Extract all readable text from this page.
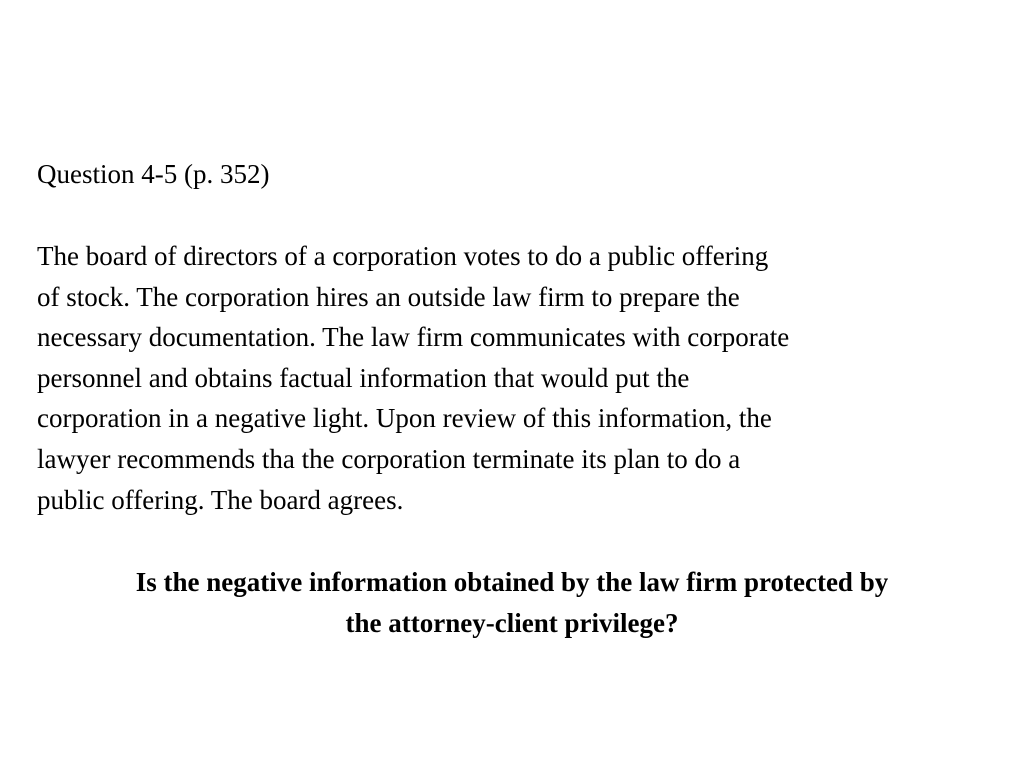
Question 4-5 (p. 352)
The board of directors of a corporation votes to do a public offering
of stock. The corporation hires an outside law firm to prepare the
necessary documentation. The law firm communicates with corporate
personnel and obtains factual information that would put the
corporation in a negative light. Upon review of this information, the
lawyer recommends tha the corporation terminate its plan to do a
public offering. The board agrees.
Is the negative information obtained by the law firm protected by
the attorney-client privilege?
